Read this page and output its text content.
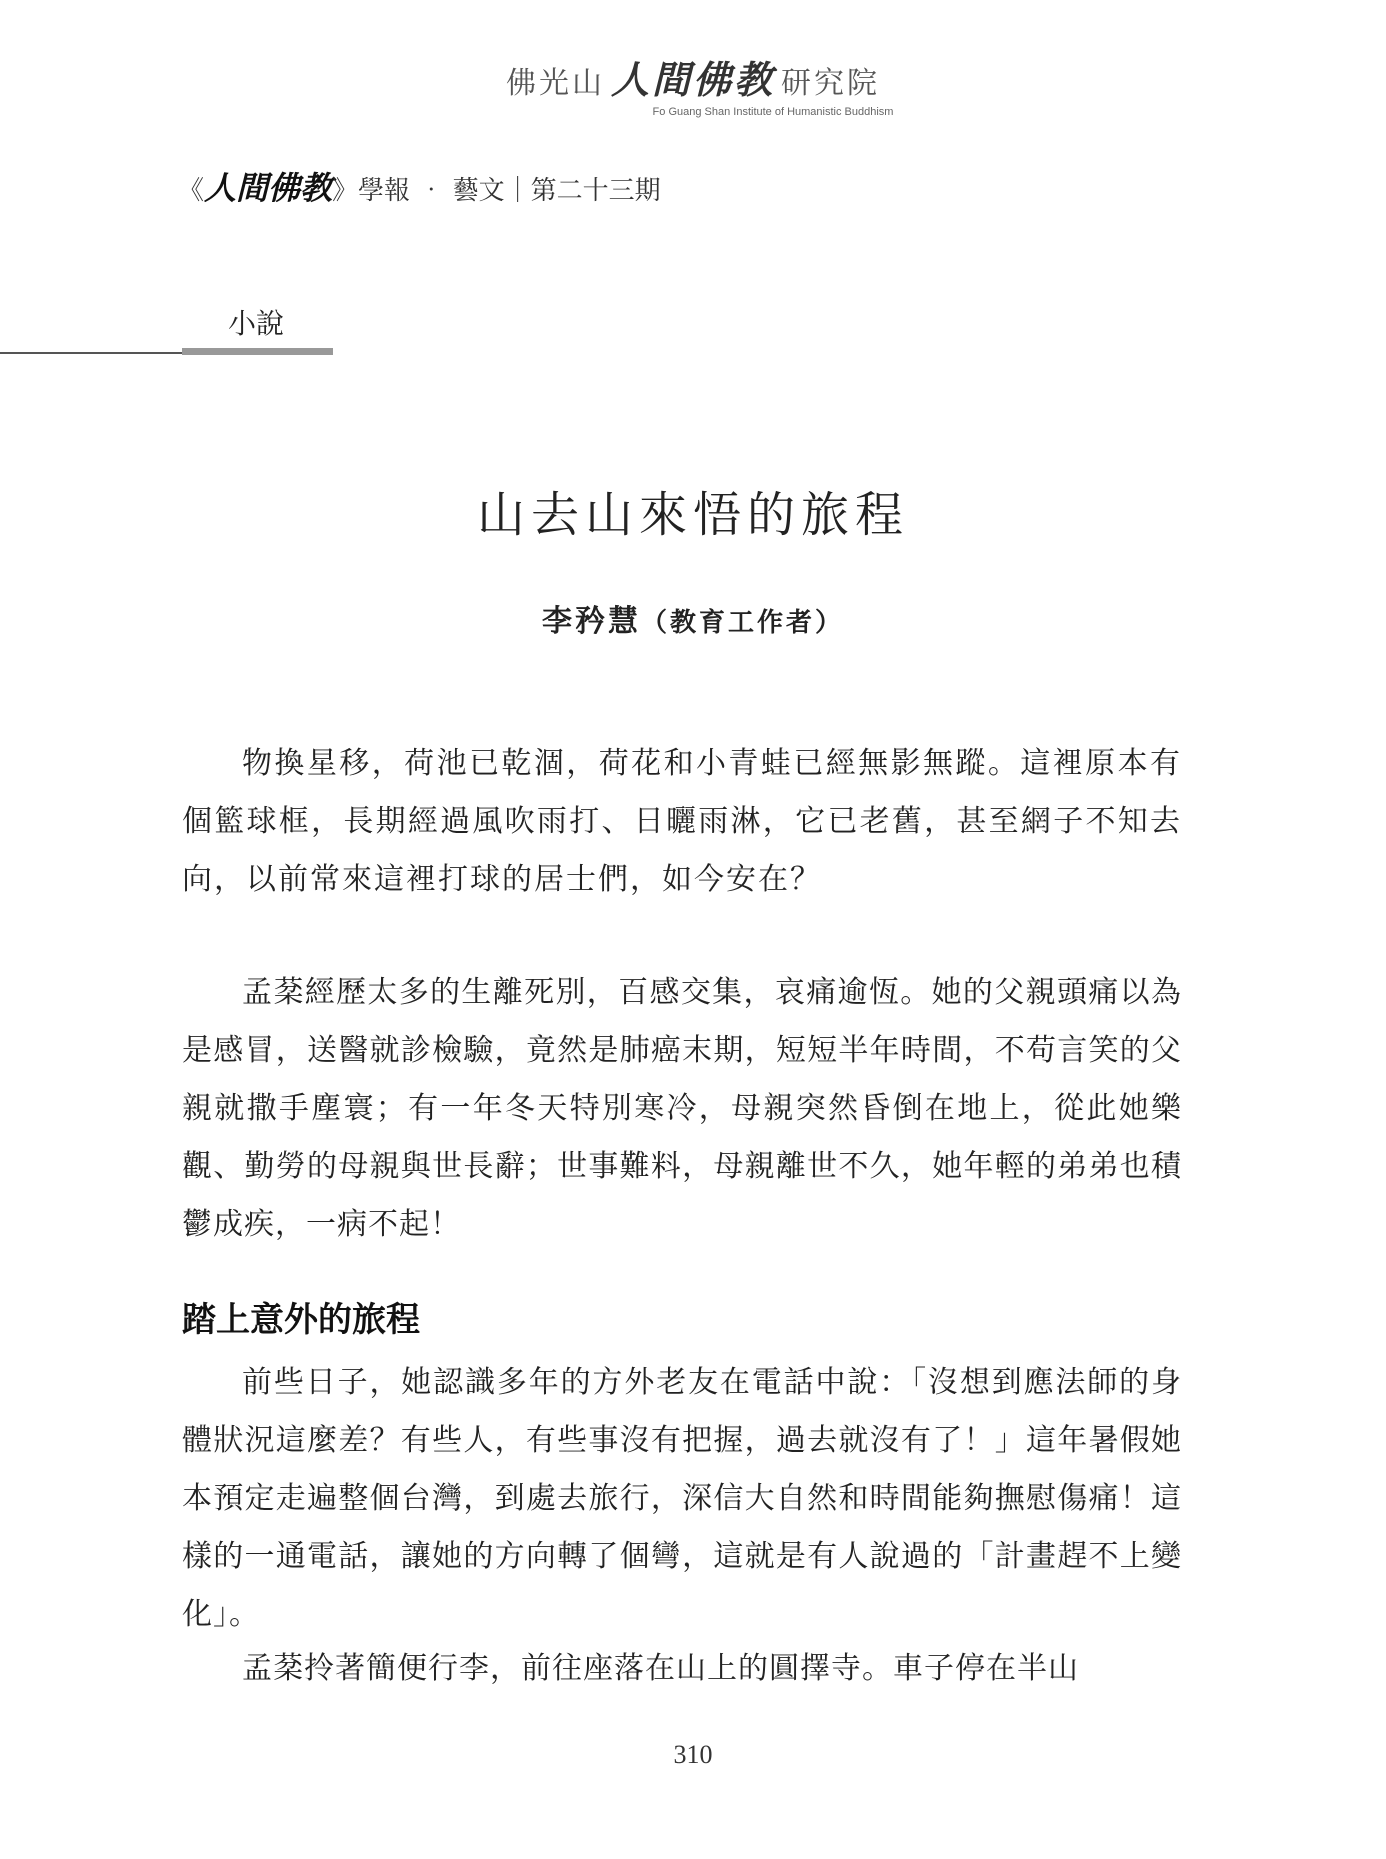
佛光山 人間佛教 研究院
Fo Guang Shan Institute of Humanistic Buddhism
《人間佛教》學報 ‧ 藝文｜第二十三期
小說
山去山來悟的旅程
李矜慧（教育工作者）

物換星移，荷池已乾涸，荷花和小青蛙已經無影無蹤。這裡原本有個籃球框，長期經過風吹雨打、日曬雨淋，它已老舊，甚至網子不知去向，以前常來這裡打球的居士們，如今安在？

孟棻經歷太多的生離死別，百感交集，哀痛逾恆。她的父親頭痛以為是感冒，送醫就診檢驗，竟然是肺癌末期，短短半年時間，不苟言笑的父親就撒手塵寰；有一年冬天特別寒冷，母親突然昏倒在地上，從此她樂觀、勤勞的母親與世長辭；世事難料，母親離世不久，她年輕的弟弟也積鬱成疾，一病不起！

踏上意外的旅程

前些日子，她認識多年的方外老友在電話中說：「沒想到應法師的身體狀況這麼差？有些人，有些事沒有把握，過去就沒有了！」這年暑假她本預定走遍整個台灣，到處去旅行，深信大自然和時間能夠撫慰傷痛！這樣的一通電話，讓她的方向轉了個彎，這就是有人說過的「計畫趕不上變化」。

孟棻拎著簡便行李，前往座落在山上的圓擇寺。車子停在半山

310
